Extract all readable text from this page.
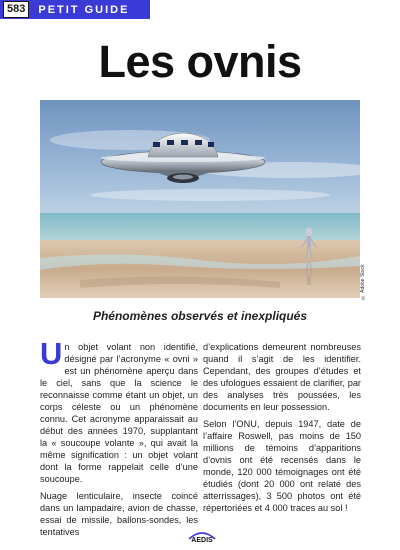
583	PETIT GUIDE
Les ovnis
© Adobe Stock
Phénomènes observés et inexpliqués

Un objet volant non identifié, désigné par l’acronyme « ovni » est un phénomène aperçu dans le ciel, sans que la science le reconnaisse comme étant un objet, un corps céleste ou un phénomène connu. Cet acronyme apparaissait au début des années 1970, supplantant la « soucoupe volante », qui avait la même signification : un objet volant dont la forme rappelait celle d’une soucoupe.

Nuage lenticulaire, insecte coincé dans un lampadaire, avion de chasse, essai de missile, ballons-sondes, les tentatives

d’explications demeurent nombreuses quand il s’agit de les identifier. Cependant, des groupes d’études et des ufologues essaient de clarifier, par des analyses très poussées, les documents en leur possession.

Selon l’ONU, depuis 1947, date de l’affaire Roswell, pas moins de 150 millions de témoins d’apparitions d’ovnis ont été recensés dans le monde, 120 000 témoignages ont été étudiés (dont 20 000 ont relaté des atterrissages), 3 500 photos ont été répertoriées et 4 000 traces au sol !

AEDIS
